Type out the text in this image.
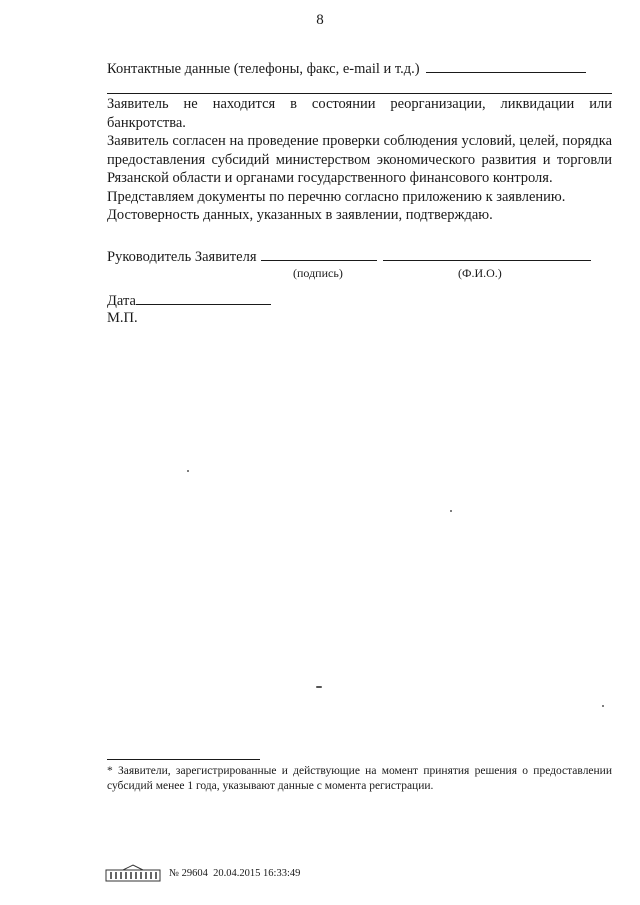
8
Контактные данные (телефоны, факс, e-mail и т.д.)

Заявитель не находится в состоянии реорганизации, ликвидации или банкротства.

Заявитель согласен на проведение проверки соблюдения условий, целей, порядка предоставления субсидий министерством экономического развития и торговли Рязанской области и органами государственного финансового контроля.

Представляем документы по перечню согласно приложению к заявлению.

Достоверность данных, указанных в заявлении, подтверждаю.

Руководитель Заявителя
(подпись)	(Ф.И.О.)
Дата
М.П.
* Заявители, зарегистрированные и действующие на момент принятия решения о предоставлении субсидий менее 1 года, указывают данные с момента регистрации.
№
29604
20.04.2015 16:33:49
